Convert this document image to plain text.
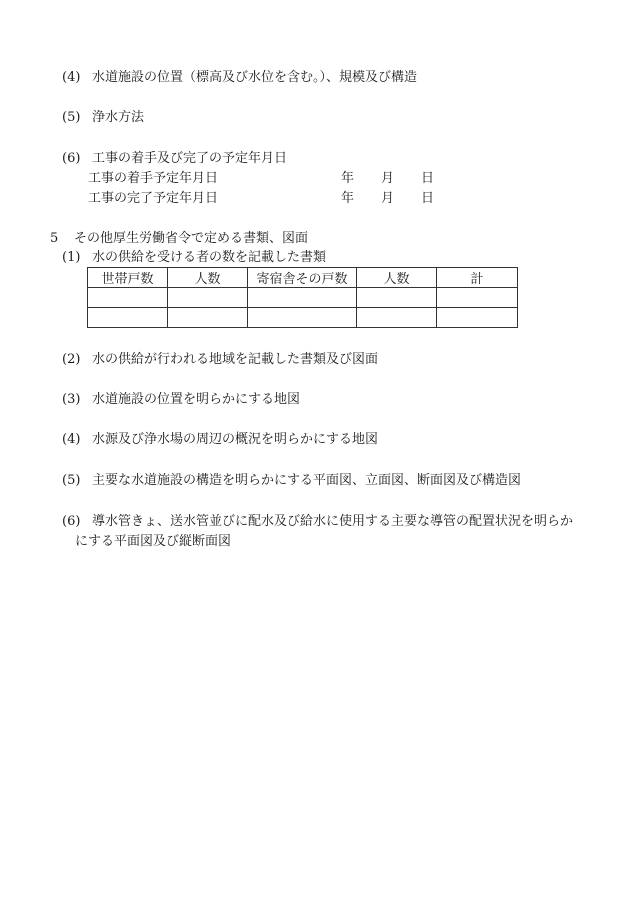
(4) 水道施設の位置（標高及び水位を含む。）、規模及び構造
(5) 浄水方法
(6) 工事の着手及び完了の予定年月日
工事の着手予定年月日	年 月 日
工事の完了予定年月日	年 月 日
5 その他厚生労働省令で定める書類、図面
(1) 水の供給を受ける者の数を記載した書類
世帯戸数	人数	寄宿舎その戸数	人数	計

(2) 水の供給が行われる地域を記載した書類及び図面
(3) 水道施設の位置を明らかにする地図
(4) 水源及び浄水場の周辺の概況を明らかにする地図
(5) 主要な水道施設の構造を明らかにする平面図、立面図、断面図及び構造図
(6) 導水管きょ、送水管並びに配水及び給水に使用する主要な導管の配置状況を明らか
にする平面図及び縦断面図
